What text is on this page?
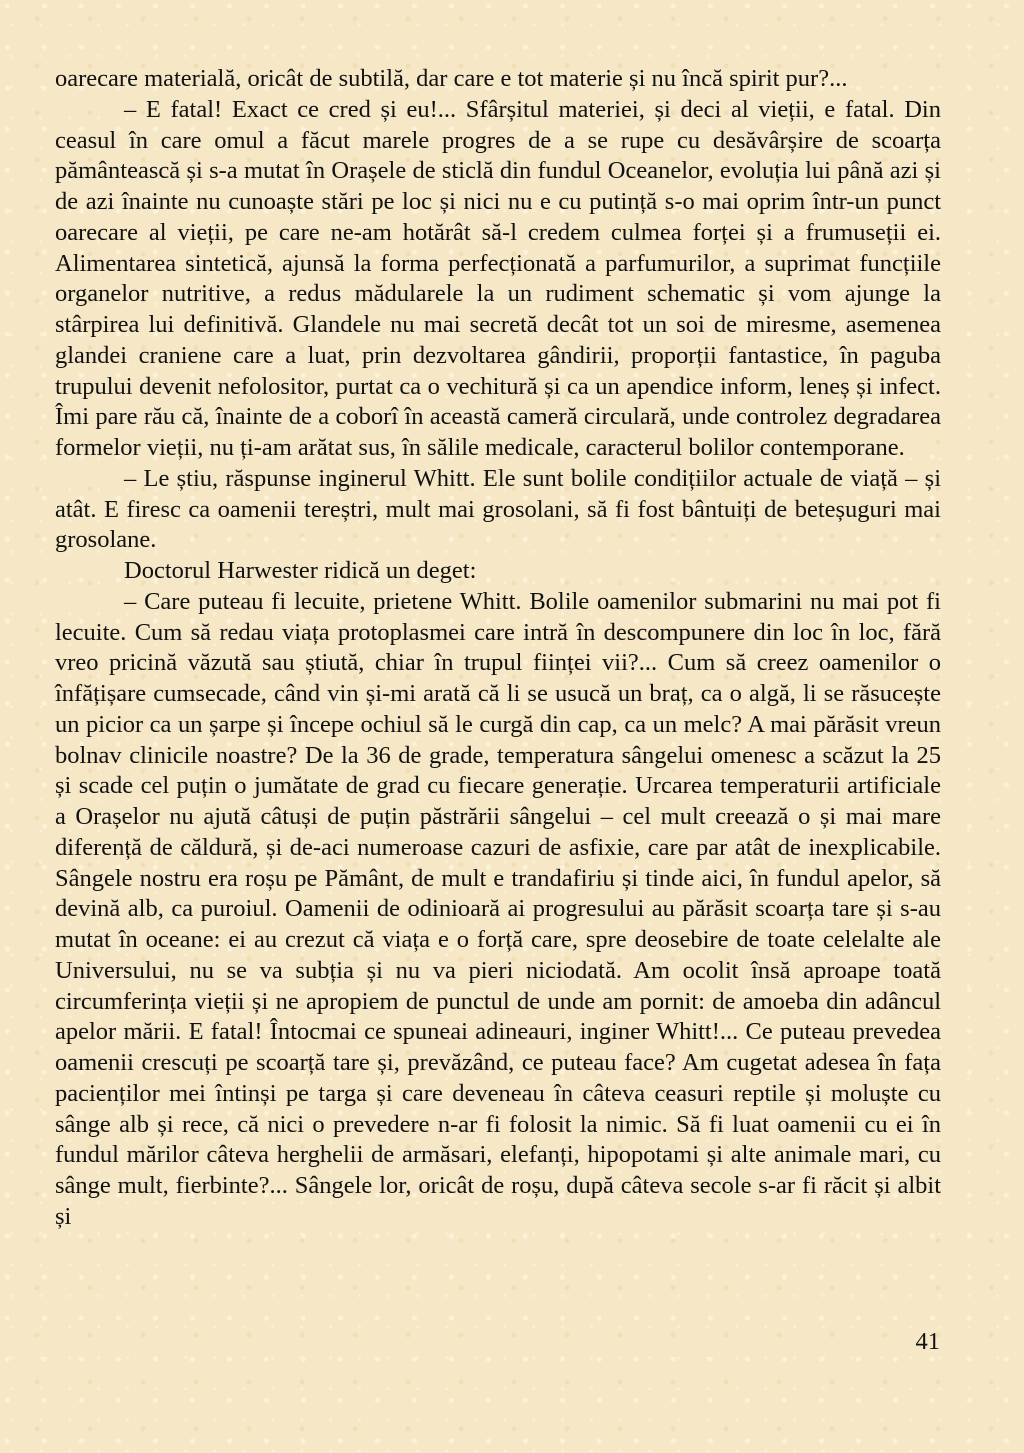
oarecare materială, oricât de subtilă, dar care e tot materie și nu încă spirit pur?...

– E fatal! Exact ce cred și eu!... Sfârșitul materiei, și deci al vieții, e fatal. Din ceasul în care omul a făcut marele progres de a se rupe cu desăvârșire de scoarța pământească și s-a mutat în Orașele de sticlă din fundul Oceanelor, evoluția lui până azi și de azi înainte nu cunoaște stări pe loc și nici nu e cu putință s-o mai oprim într-un punct oarecare al vieții, pe care ne-am hotărât să-l credem culmea forței și a frumuseții ei. Alimentarea sintetică, ajunsă la forma perfecționată a parfumurilor, a suprimat funcțiile organelor nutritive, a redus mădularele la un rudiment schematic și vom ajunge la stârpirea lui definitivă. Glandele nu mai secretă decât tot un soi de miresme, asemenea glandei craniene care a luat, prin dezvoltarea gândirii, proporții fantastice, în paguba trupului devenit nefolositor, purtat ca o vechitură și ca un apendice inform, leneș și infect. Îmi pare rău că, înainte de a coborî în această cameră circulară, unde controlez degradarea formelor vieții, nu ți-am arătat sus, în sălile medicale, caracterul bolilor contemporane.

– Le știu, răspunse inginerul Whitt. Ele sunt bolile condițiilor actuale de viață – și atât. E firesc ca oamenii tereștri, mult mai grosolani, să fi fost bântuiți de beteșuguri mai grosolane.

Doctorul Harwester ridică un deget:

– Care puteau fi lecuite, prietene Whitt. Bolile oamenilor submarini nu mai pot fi lecuite. Cum să redau viața protoplasmei care intră în descompunere din loc în loc, fără vreo pricină văzută sau știută, chiar în trupul ființei vii?... Cum să creez oamenilor o înfățișare cumsecade, când vin și-mi arată că li se usucă un braț, ca o algă, li se răsucește un picior ca un șarpe și începe ochiul să le curgă din cap, ca un melc? A mai părăsit vreun bolnav clinicile noastre? De la 36 de grade, temperatura sângelui omenesc a scăzut la 25 și scade cel puțin o jumătate de grad cu fiecare generație. Urcarea temperaturii artificiale a Orașelor nu ajută câtuși de puțin păstrării sângelui – cel mult creează o și mai mare diferență de căldură, și de-aci numeroase cazuri de asfixie, care par atât de inexplicabile. Sângele nostru era roșu pe Pământ, de mult e trandafiriu și tinde aici, în fundul apelor, să devină alb, ca puroiul. Oamenii de odinioară ai progresului au părăsit scoarța tare și s-au mutat în oceane: ei au crezut că viața e o forță care, spre deosebire de toate celelalte ale Universului, nu se va subția și nu va pieri niciodată. Am ocolit însă aproape toată circumferința vieții și ne apropiem de punctul de unde am pornit: de amoeba din adâncul apelor mării. E fatal! Întocmai ce spuneai adineauri, inginer Whitt!... Ce puteau prevedea oamenii crescuți pe scoarță tare și, prevăzând, ce puteau face? Am cugetat adesea în fața pacienților mei întinși pe targa și care deveneau în câteva ceasuri reptile și moluște cu sânge alb și rece, că nici o prevedere n-ar fi folosit la nimic. Să fi luat oamenii cu ei în fundul mărilor câteva herghelii de armăsari, elefanți, hipopotami și alte animale mari, cu sânge mult, fierbinte?... Sângele lor, oricât de roșu, după câteva secole s-ar fi răcit și albit și

41
